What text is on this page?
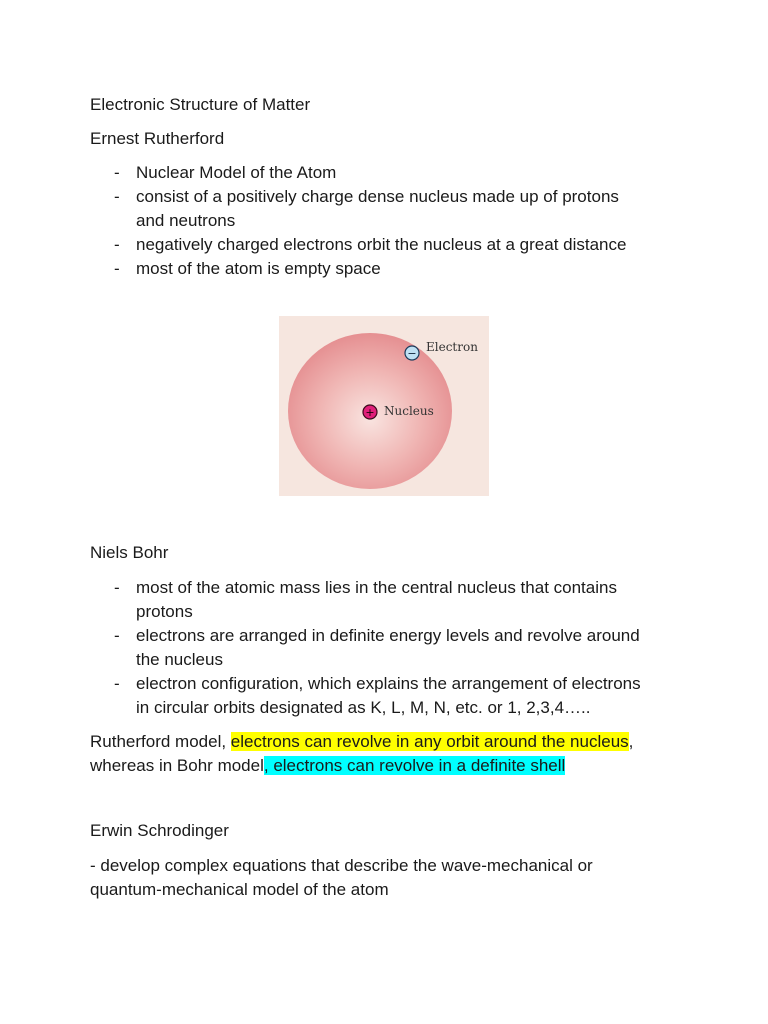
Electronic Structure of Matter
Ernest Rutherford
- Nuclear Model of the Atom
- consist of a positively charge dense nucleus made up of protons
and neutrons
- negatively charged electrons orbit the nucleus at a great distance
- most of the atom is empty space
− Electron
+ Nucleus
Niels Bohr
- most of the atomic mass lies in the central nucleus that contains
protons
- electrons are arranged in definite energy levels and revolve around
the nucleus
- electron configuration, which explains the arrangement of electrons
in circular orbits designated as K, L, M, N, etc. or 1, 2,3,4…..
Rutherford model, electrons can revolve in any orbit around the nucleus,
whereas in Bohr model, electrons can revolve in a definite shell
Erwin Schrodinger
- develop complex equations that describe the wave-mechanical or
quantum-mechanical model of the atom
